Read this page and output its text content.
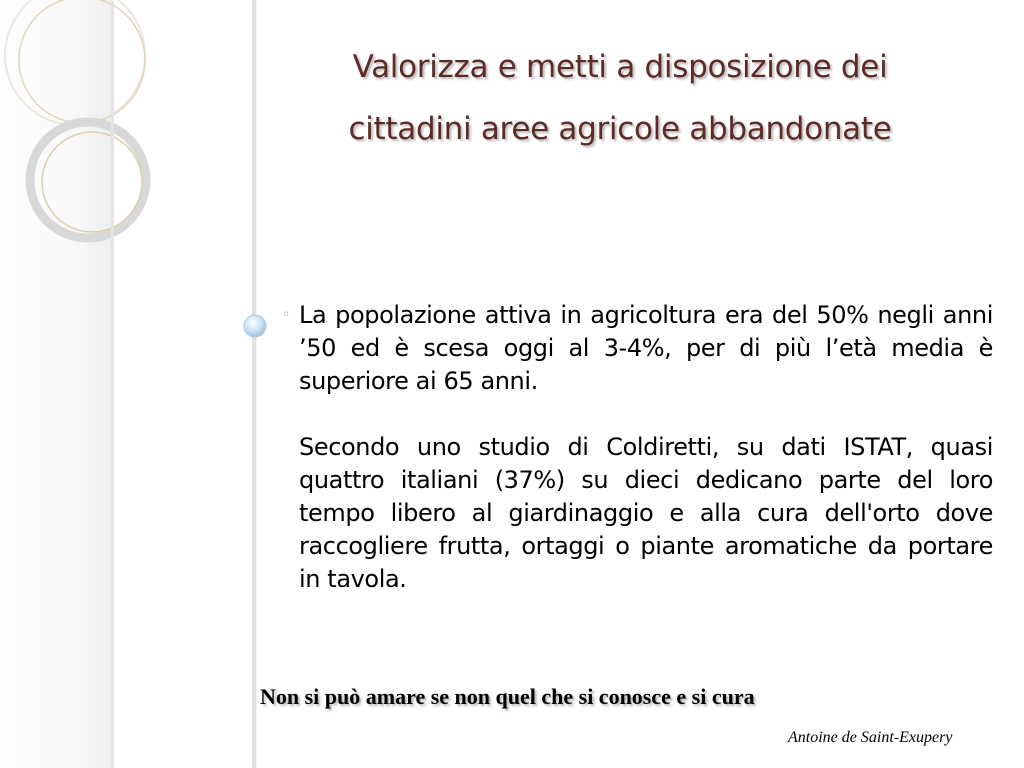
Valorizza e metti a disposizione dei
cittadini aree agricole abbandonate
◦ La popolazione attiva in agricoltura era del 50% negli anni ’50 ed è scesa oggi al 3-4%, per di più l’età media è superiore ai 65 anni.

Secondo uno studio di Coldiretti, su dati ISTAT, quasi quattro italiani (37%) su dieci dedicano parte del loro tempo libero al giardinaggio e alla cura dell'orto dove raccogliere frutta, ortaggi o piante aromatiche da portare in tavola.

Non si può amare se non quel che si conosce e si cura

Antoine de Saint-Exupery
